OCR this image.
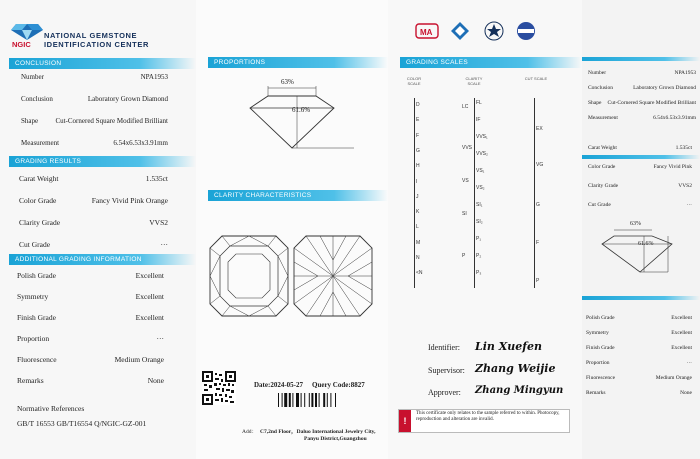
NGIC
NATIONAL GEMSTONE
IDENTIFICATION CENTER
CONCLUSION
Number	NPA1953
Conclusion	Laboratory Grown Diamond
Shape Cut-Cornered Square Modified Brilliant
Measurement	6.54x6.53x3.91mm
GRADING RESULTS
Carat Weight	1.535ct
Color Grade	Fancy Vivid Pink Orange
Clarity Grade	VVS2
Cut Grade	···
ADDITIONAL GRADING INFORMATION
Polish Grade	Excellent
Symmetry	Excellent
Finish Grade	Excellent
Proportion	···
Fluorescence	Medium Orange
Remarks	None
Normative References
GB/T 16553 GB/T16554 Q/NGIC-GZ-001
PROPORTIONS
63%
61.6%
CLARITY CHARACTERISTICS
Date:2024-05-27 Query Code:8827
Add： C7,2nd Floor，Daluo International Jewelry City,
Panyu District,Guangzhou
MA
GRADING SCALES
COLOR SCALE
CLARITY SCALE
CUT SCALE
D
E
F
G
H
I
J
K
L
M
N
<N
LC
VVS
VS
SI
P
FL
IF
VVS₁
VVS₂
VS₁
VS₂
SI₁
SI₂
P₁
P₂
P₃
EX
VG
G
F
P
Identifier: Lin Xuefen
Supervisor: Zhang Weijie
Approver: Zhang Mingyun
!
This certificate only relates to the sample referred to within. Photocopy, reproduction and alteration are invalid.
Number	NPA1953
Conclusion	Laboratory Grown Diamond
Shape Cut-Cornered Square Modified Brilliant
Measurement	6.54x6.53x3.91mm
Carat Weight	1.535ct
Color Grade	Fancy Vivid Pink
Clarity Grade	VVS2
Cut Grade	···
63%
61.6%
Polish Grade	Excellent
Symmetry	Excellent
Finish Grade	Excellent
Proportion	···
Fluorescence	Medium Orange
Remarks	None
